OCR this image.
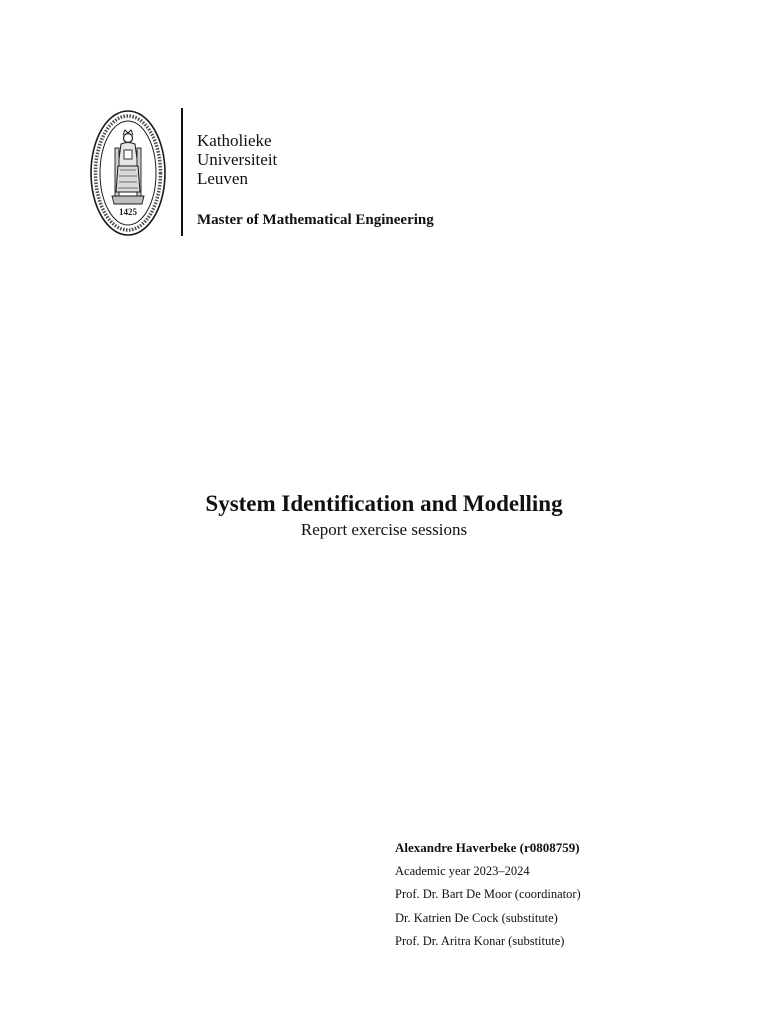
1425
Katholieke
Universiteit
Leuven
Master of Mathematical Engineering
System Identification and Modelling
Report exercise sessions
Alexandre Haverbeke (r0808759)
Academic year 2023–2024
Prof. Dr. Bart De Moor (coordinator)
Dr. Katrien De Cock (substitute)
Prof. Dr. Aritra Konar (substitute)
